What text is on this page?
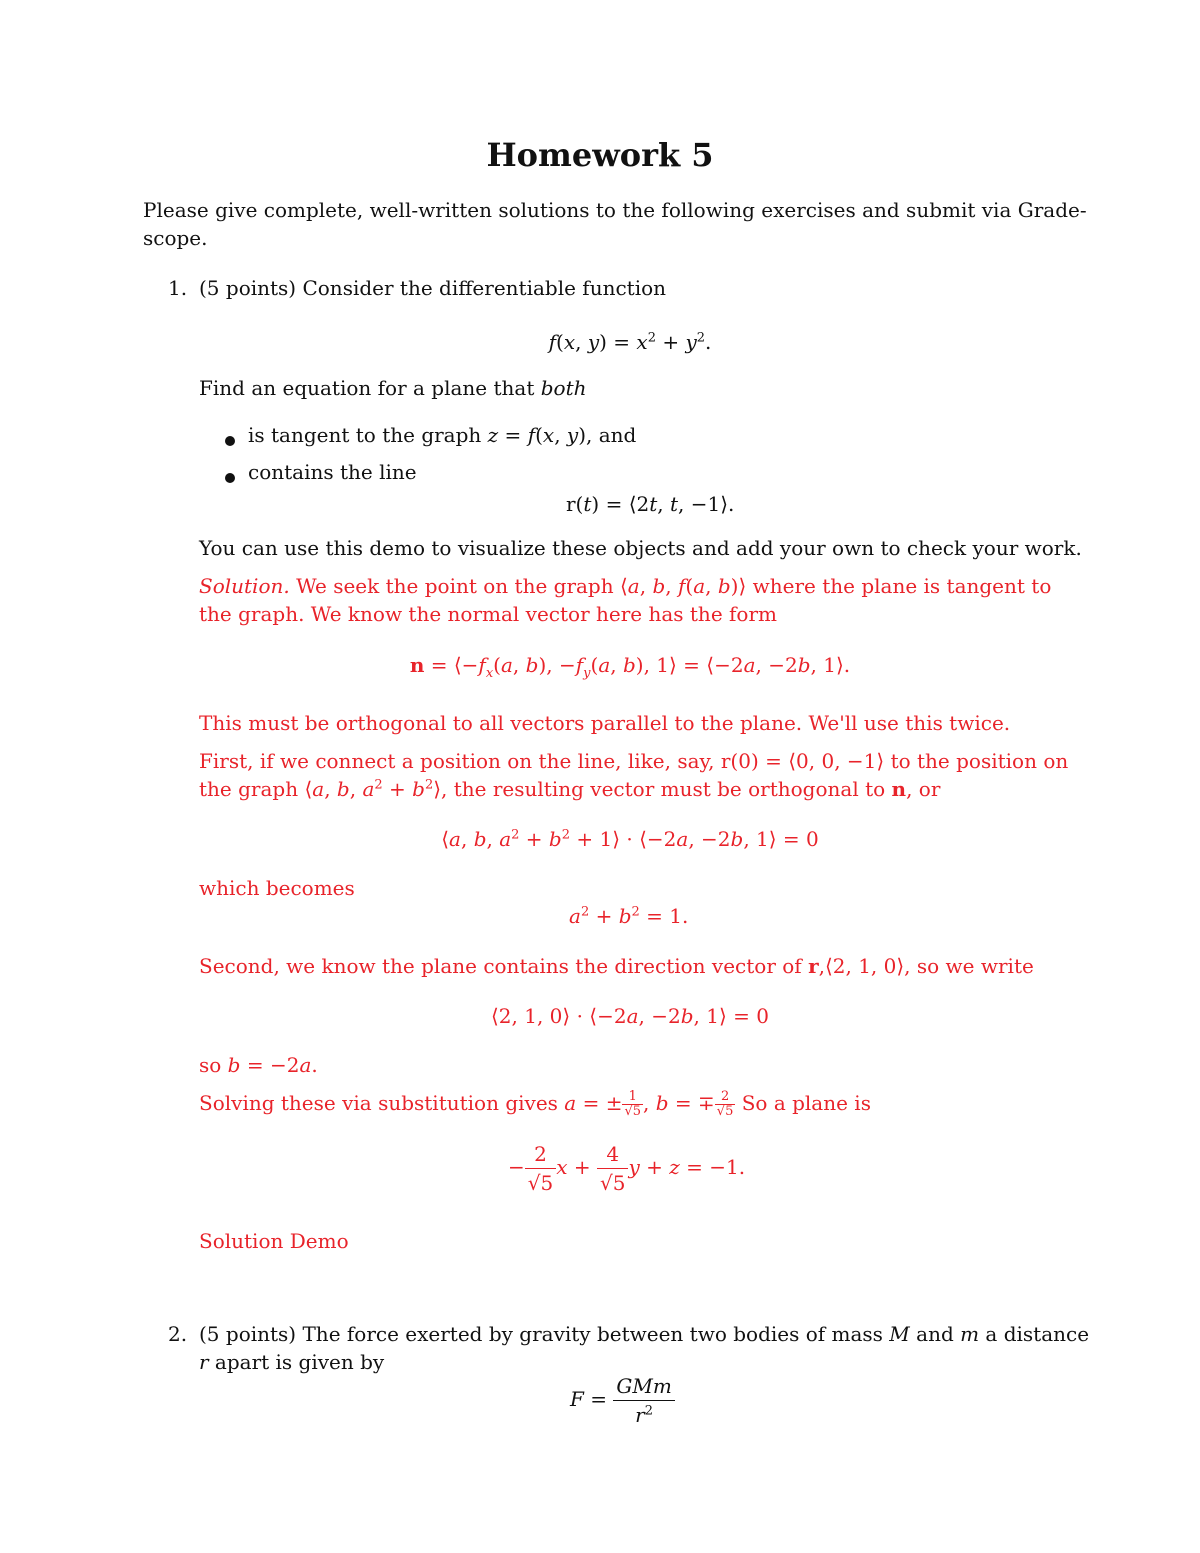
Homework 5
Please give complete, well-written solutions to the following exercises and submit via Grade-
scope.
1. (5 points) Consider the differentiable function
f(x, $y) = x^2 + y^2$.
Find an equation for a plane that both
is tangent to the graph z = f(x, y), and
contains the line
r(t) = ⟨2t, t, −1⟩.
You can use this demo to visualize these objects and add your own to check your work.
Solution. We seek the point on the graph ⟨a, b, f(a, b)⟩ where the plane is tangent to
the graph. We know the normal vector here has the form
$n = ⟨-f_x(a$, b), $-f_y(a$, b), 1⟩ = ⟨−2a, −2b, 1⟩.
This must be orthogonal to all vectors parallel to the plane. We'll use this twice.
First, if we connect a position on the line, like, say, r(0) = ⟨0, 0, −1⟩ to the position on
the graph ⟨a, b, $a^2$ + $b^2⟩$, the resulting vector must be orthogonal to n, or
⟨a, b, $a^2 + b^2$ + 1⟩ · ⟨−2a, −2b, 1⟩ = 0
which becomes
$a^2 + b^2 = 1$.
Second, we know the plane contains the direction vector of r,⟨2, 1, 0⟩, so we write
⟨2, 1, 0⟩ · ⟨−2a, −2b, 1⟩ = 0
so b = −2a.
Solving these via substitution gives a = ± $\frac{1}{√5}$ , b = ∓ $\frac{2}{√5}$ So a plane is
− $\frac{2}{√5}$ $x + \frac{4}{√5}$ y + z = −1.
Solution Demo
2. (5 points) The force exerted by gravity between two bodies of mass M and m a distance
r apart is given by
$F = \frac{\text{GMm}}{r^2}$
